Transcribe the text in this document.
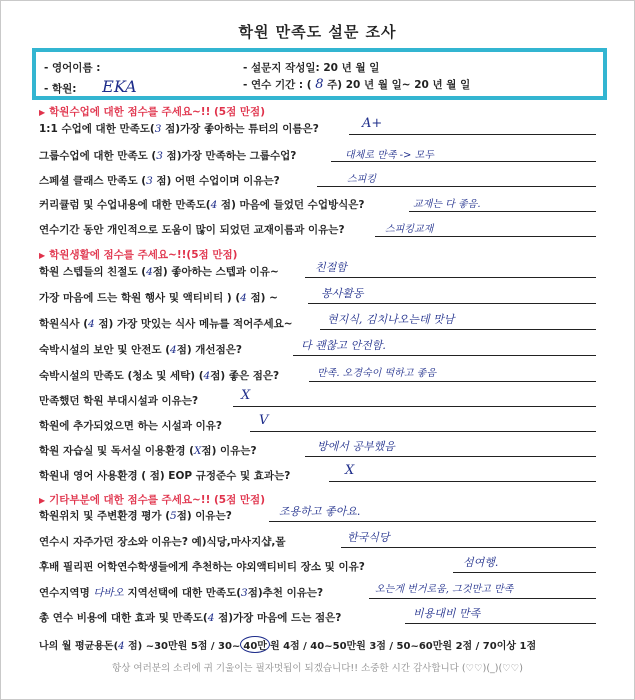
학원 만족도 설문 조사
- 영어이름 :
- 학원: EKA
- 설문지 작성일: 20 년 월 일
- 연수 기간 : ( 8 주) 20 년 월 일~ 20 년 월 일
▶ 학원수업에 대한 점수를 주세요~!! (5점 만점)
1:1 수업에 대한 만족도(3 점)가장 좋아하는 튜터의 이름은?	A+
그룹수업에 대한 만족도 (3 점)가장 만족하는 그룹수업?	대체로 만족 -> 모두
스페셜 클래스 만족도 (3 점) 어떤 수업이며 이유는?	스피킹
커리큘럼 및 수업내용에 대한 만족도(4 점) 마음에 들었던 수업방식은?	교재는 다 좋음.
연수기간 동안 개인적으로 도움이 많이 되었던 교재이름과 이유는?	스피킹교재
▶ 학원생활에 점수를 주세요~!!(5점 만점)
학원 스텝들의 친절도 (4점) 좋아하는 스텝과 이유~	친절함
가장 마음에 드는 학원 행사 및 액티비티 ) (4 점) ~	봉사활동
학원식사 (4 점) 가장 맛있는 식사 메뉴를 적어주세요~	현지식, 김치나오는데 맛남
숙박시설의 보안 및 안전도 (4점) 개선점은?	다 괜찮고 안전함.
숙박시설의 만족도 (청소 및 세탁) (4점) 좋은 점은?	만족. 오경숙이 떡하고 좋음
만족했던 학원 부대시설과 이유는?	X
학원에 추가되었으면 하는 시설과 이유?	V
학원 자습실 및 독서실 이용환경 (X점) 이유는?	방에서 공부했음
학원내 영어 사용환경 ( 점) EOP 규정준수 및 효과는?	X
▶ 기타부분에 대한 점수를 주세요~!! (5점 만점)
학원위치 및 주변환경 평가 (5점) 이유는?	조용하고 좋아요.
연수시 자주가던 장소와 이유는? 예)식당,마사지샵,몰	한국식당
후배 필리핀 어학연수학생들에게 추천하는 야외액티비티 장소 및 이유?	섬여행.
연수지역명 다바오 지역선택에 대한 만족도(3점)추천 이유는?	오는게 번거로움, 그것만고 만족
총 연수 비용에 대한 효과 및 만족도(4 점)가장 마음에 드는 점은?	비용대비 만족
나의 월 평균용돈(4 점) ~30만원 5점 / 30~ 40만 원 4점 / 40~50만원 3점 / 50~60만원 2점 / 70이상 1점
항상 여러분의 소리에 귀 기울이는 필자멋됩이 되겠습니다!! 소중한 시간 감사합니다 (♡♡)(_)(♡♡)
